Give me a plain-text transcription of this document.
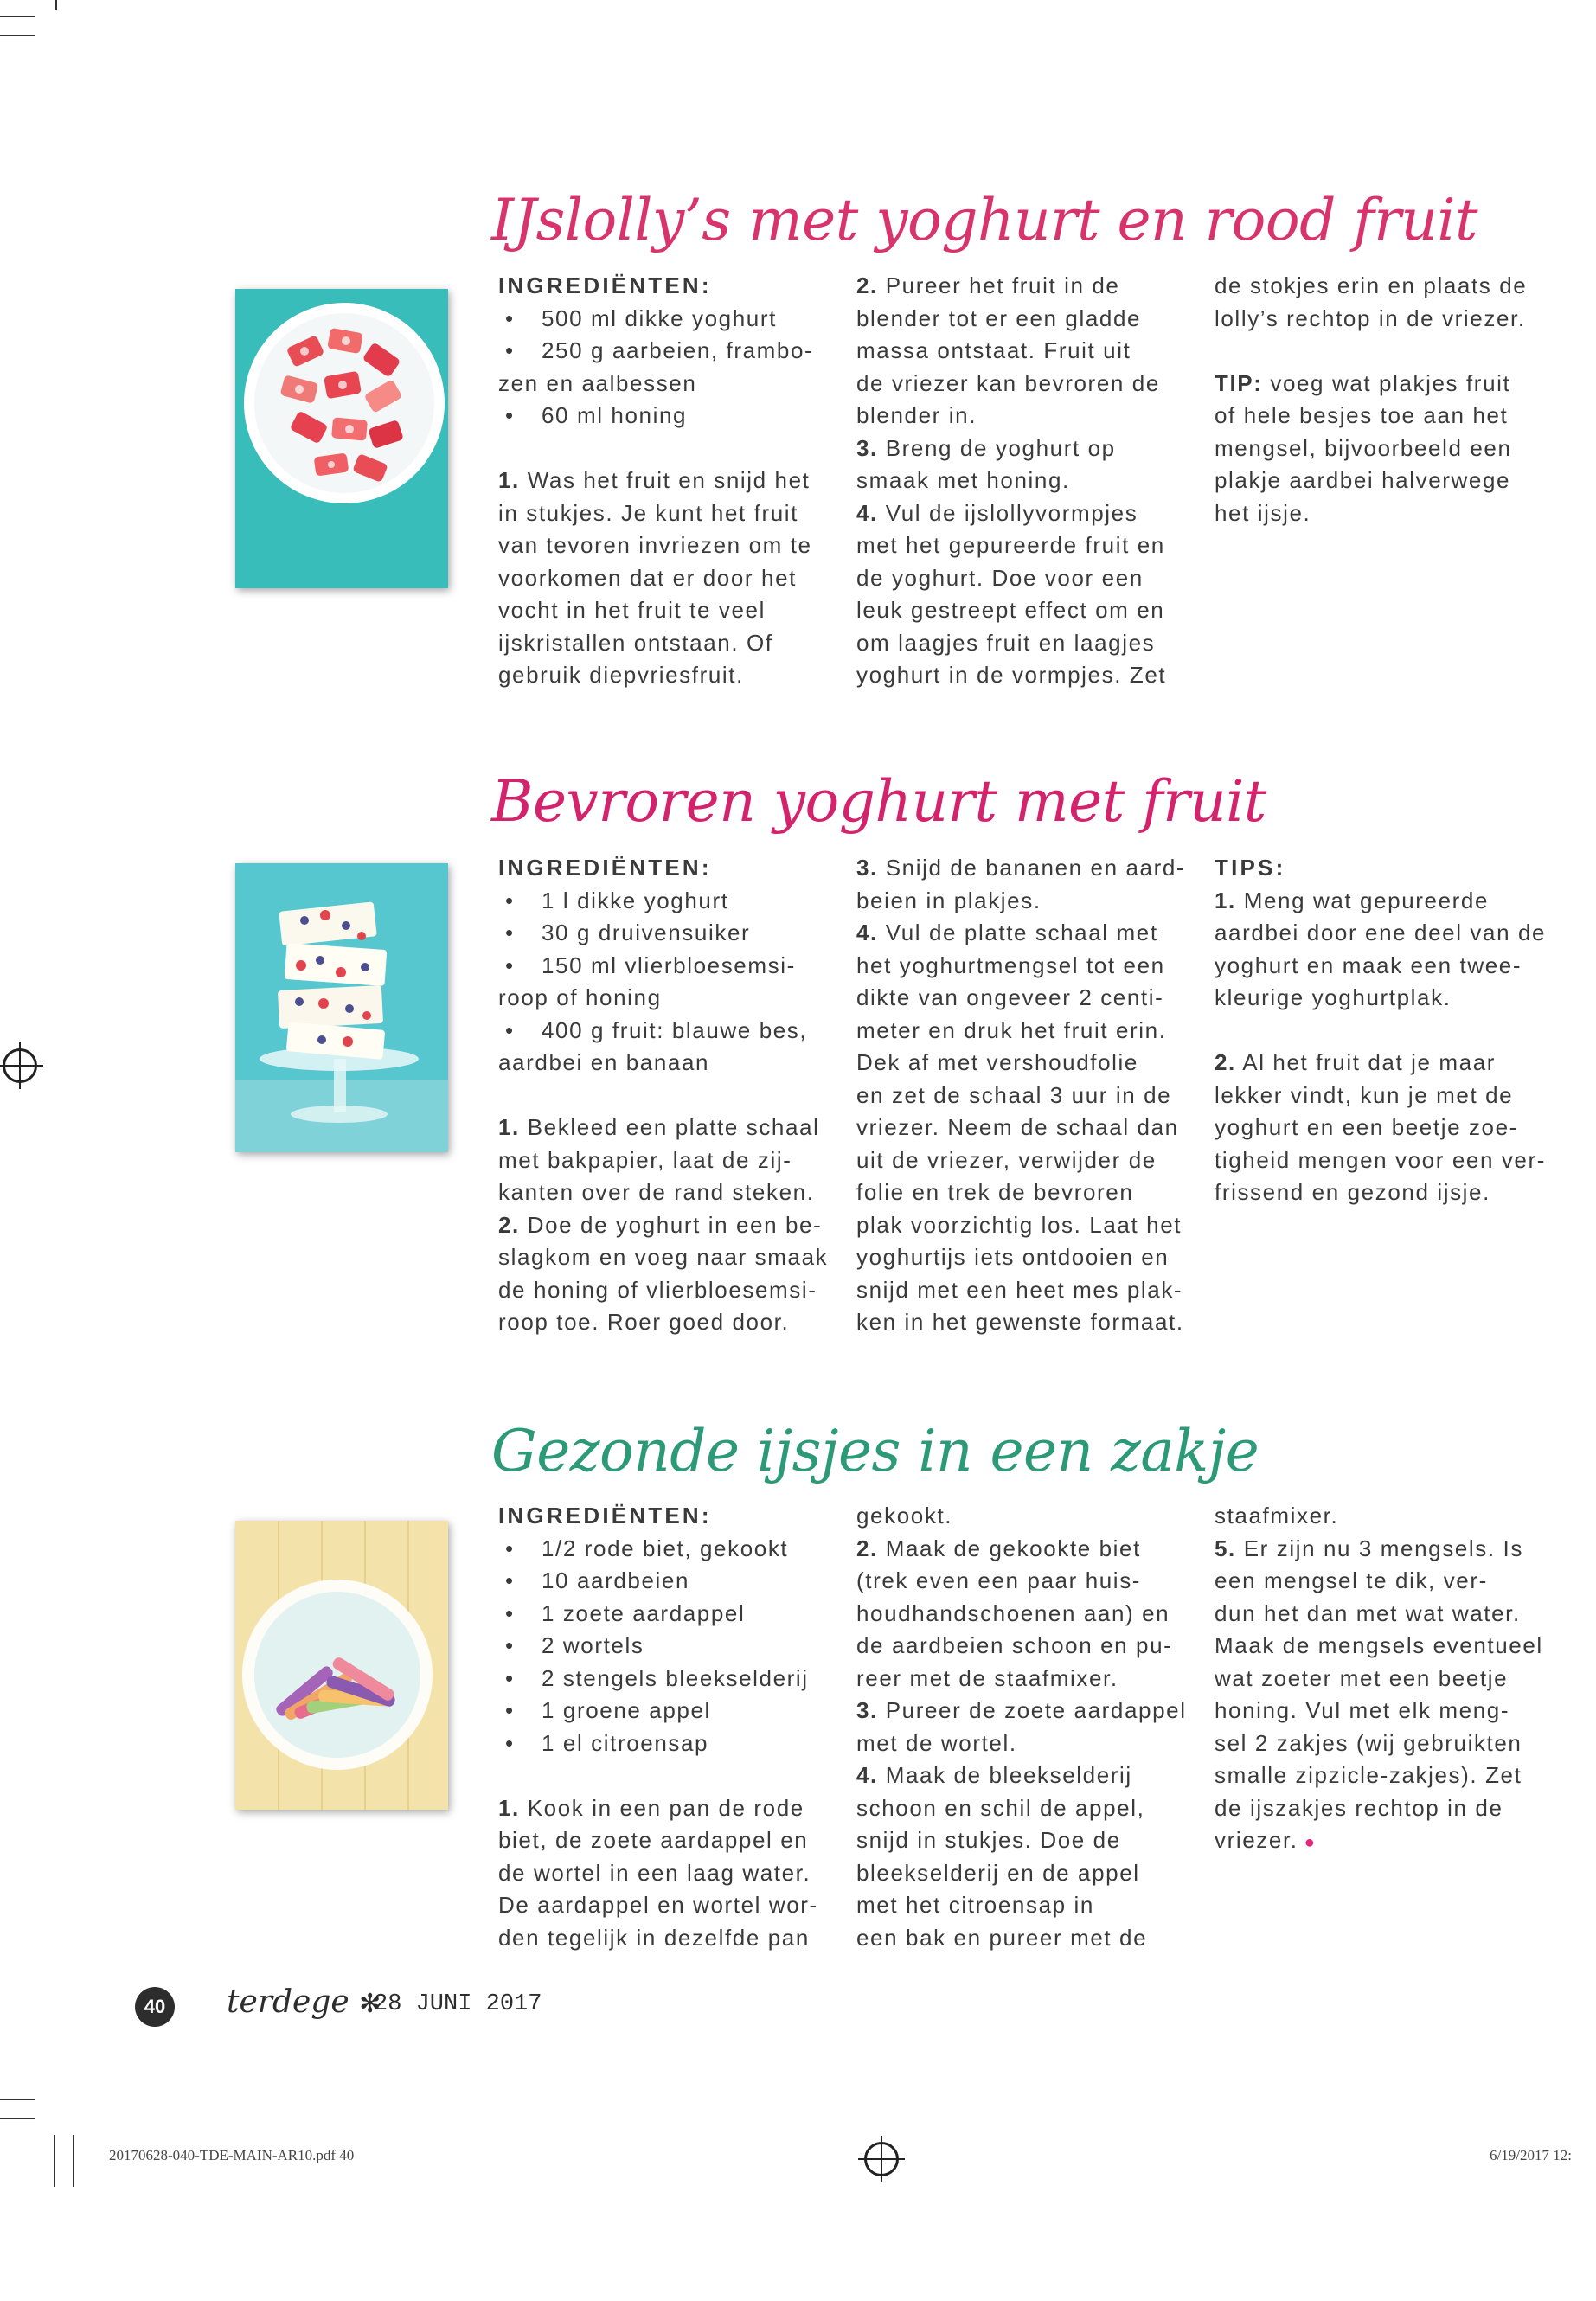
IJslolly’s met yoghurt en rood fruit

INGREDIËNTEN:

• 500 ml dikke yoghurt

• 250 g aarbeien, frambo-

zen en aalbessen

• 60 ml honing

1. Was het fruit en snijd het

in stukjes. Je kunt het fruit

van tevoren invriezen om te

voorkomen dat er door het

vocht in het fruit te veel

ijskristallen ontstaan. Of

gebruik diepvriesfruit.

2. Pureer het fruit in de

blender tot er een gladde

massa ontstaat. Fruit uit

de vriezer kan bevroren de

blender in.

3. Breng de yoghurt op

smaak met honing.

4. Vul de ijslollyvormpjes

met het gepureerde fruit en

de yoghurt. Doe voor een

leuk gestreept effect om en

om laagjes fruit en laagjes

yoghurt in de vormpjes. Zet

de stokjes erin en plaats de

lolly’s rechtop in de vriezer.

TIP: voeg wat plakjes fruit

of hele besjes toe aan het

mengsel, bijvoorbeeld een

plakje aardbei halverwege

het ijsje.

Bevroren yoghurt met fruit

INGREDIËNTEN:

• 1 l dikke yoghurt

• 30 g druivensuiker

• 150 ml vlierbloesemsi-

roop of honing

• 400 g fruit: blauwe bes,

aardbei en banaan

1. Bekleed een platte schaal

met bakpapier, laat de zij-

kanten over de rand steken.

2. Doe de yoghurt in een be-

slagkom en voeg naar smaak

de honing of vlierbloesemsi-

roop toe. Roer goed door.

3. Snijd de bananen en aard-

beien in plakjes.

4. Vul de platte schaal met

het yoghurtmengsel tot een

dikte van ongeveer 2 centi-

meter en druk het fruit erin.

Dek af met vershoudfolie

en zet de schaal 3 uur in de

vriezer. Neem de schaal dan

uit de vriezer, verwijder de

folie en trek de bevroren

plak voorzichtig los. Laat het

yoghurtijs iets ontdooien en

snijd met een heet mes plak-

ken in het gewenste formaat.

TIPS:

1. Meng wat gepureerde

aardbei door ene deel van de

yoghurt en maak een twee-

kleurige yoghurtplak.

2. Al het fruit dat je maar

lekker vindt, kun je met de

yoghurt en een beetje zoe-

tigheid mengen voor een ver-

frissend en gezond ijsje.

Gezonde ijsjes in een zakje

INGREDIËNTEN:

• 1/2 rode biet, gekookt

• 10 aardbeien

• 1 zoete aardappel

• 2 wortels

• 2 stengels bleekselderij

• 1 groene appel

• 1 el citroensap

1. Kook in een pan de rode

biet, de zoete aardappel en

de wortel in een laag water.

De aardappel en wortel wor-

den tegelijk in dezelfde pan

gekookt.

2. Maak de gekookte biet

(trek even een paar huis-

houdhandschoenen aan) en

de aardbeien schoon en pu-

reer met de staafmixer.

3. Pureer de zoete aardappel

met de wortel.

4. Maak de bleekselderij

schoon en schil de appel,

snijd in stukjes. Doe de

bleekselderij en de appel

met het citroensap in

een bak en pureer met de

staafmixer.

5. Er zijn nu 3 mengsels. Is

een mengsel te dik, ver-

dun het dan met wat water.

Maak de mengsels eventueel

wat zoeter met een beetje

honing. Vul met elk meng-

sel 2 zakjes (wij gebruikten

smalle zipzicle-zakjes). Zet

de ijszakjes rechtop in de

vriezer. ●

40 terdege ✻
28 JUNI 2017
20170628-040-TDE-MAIN-AR10.pdf 40	6/19/2017 12:
